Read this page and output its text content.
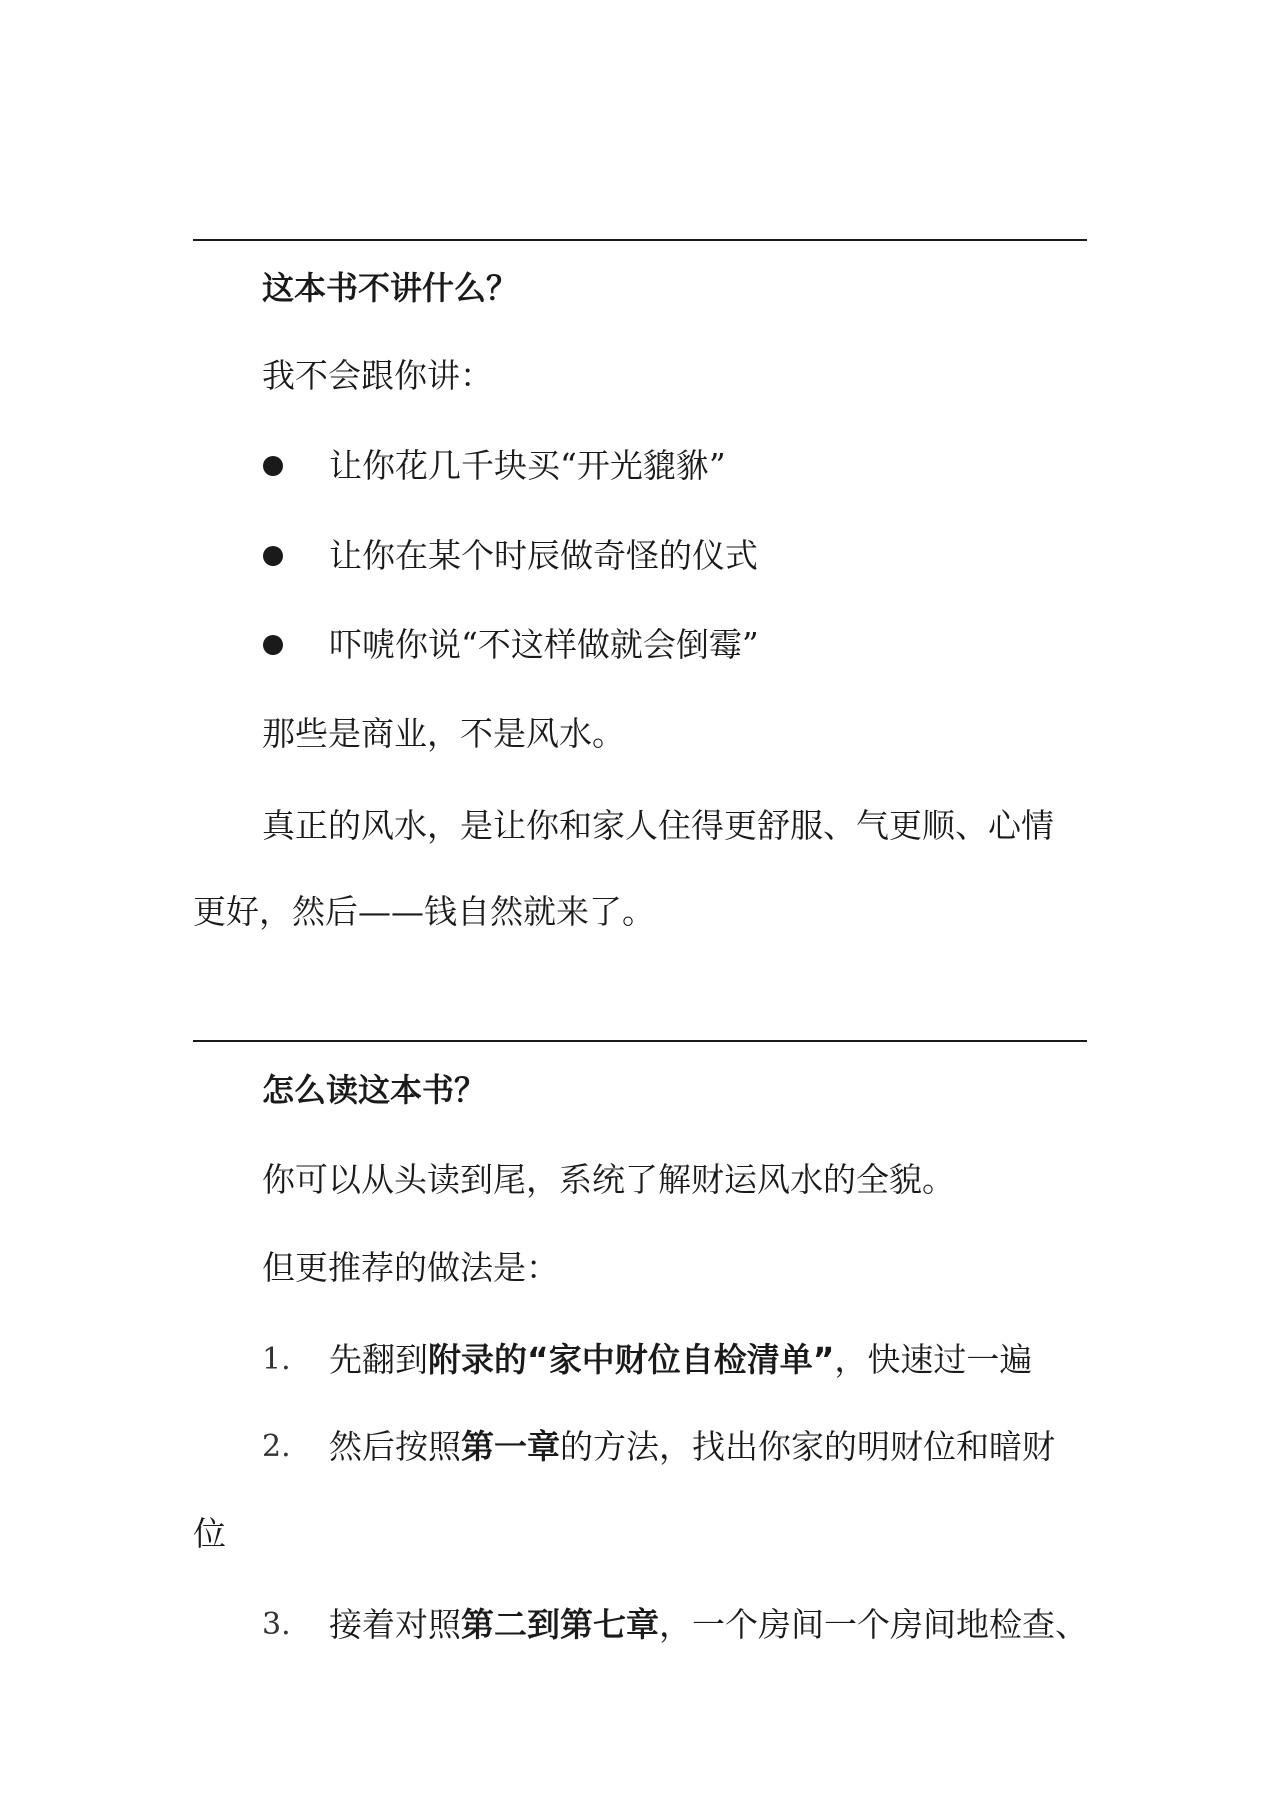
这本书不讲什么？
我不会跟你讲：
让你花几千块买“开光貔貅”
让你在某个时辰做奇怪的仪式
吓唬你说“不这样做就会倒霉”
那些是商业，不是风水。
真正的风水，是让你和家人住得更舒服、气更顺、心情
更好，然后——钱自然就来了。
怎么读这本书？
你可以从头读到尾，系统了解财运风水的全貌。
但更推荐的做法是：
1. 先翻到附录的“家中财位自检清单”，快速过一遍
2. 然后按照第一章的方法，找出你家的明财位和暗财
位
3. 接着对照第二到第七章，一个房间一个房间地检查、
